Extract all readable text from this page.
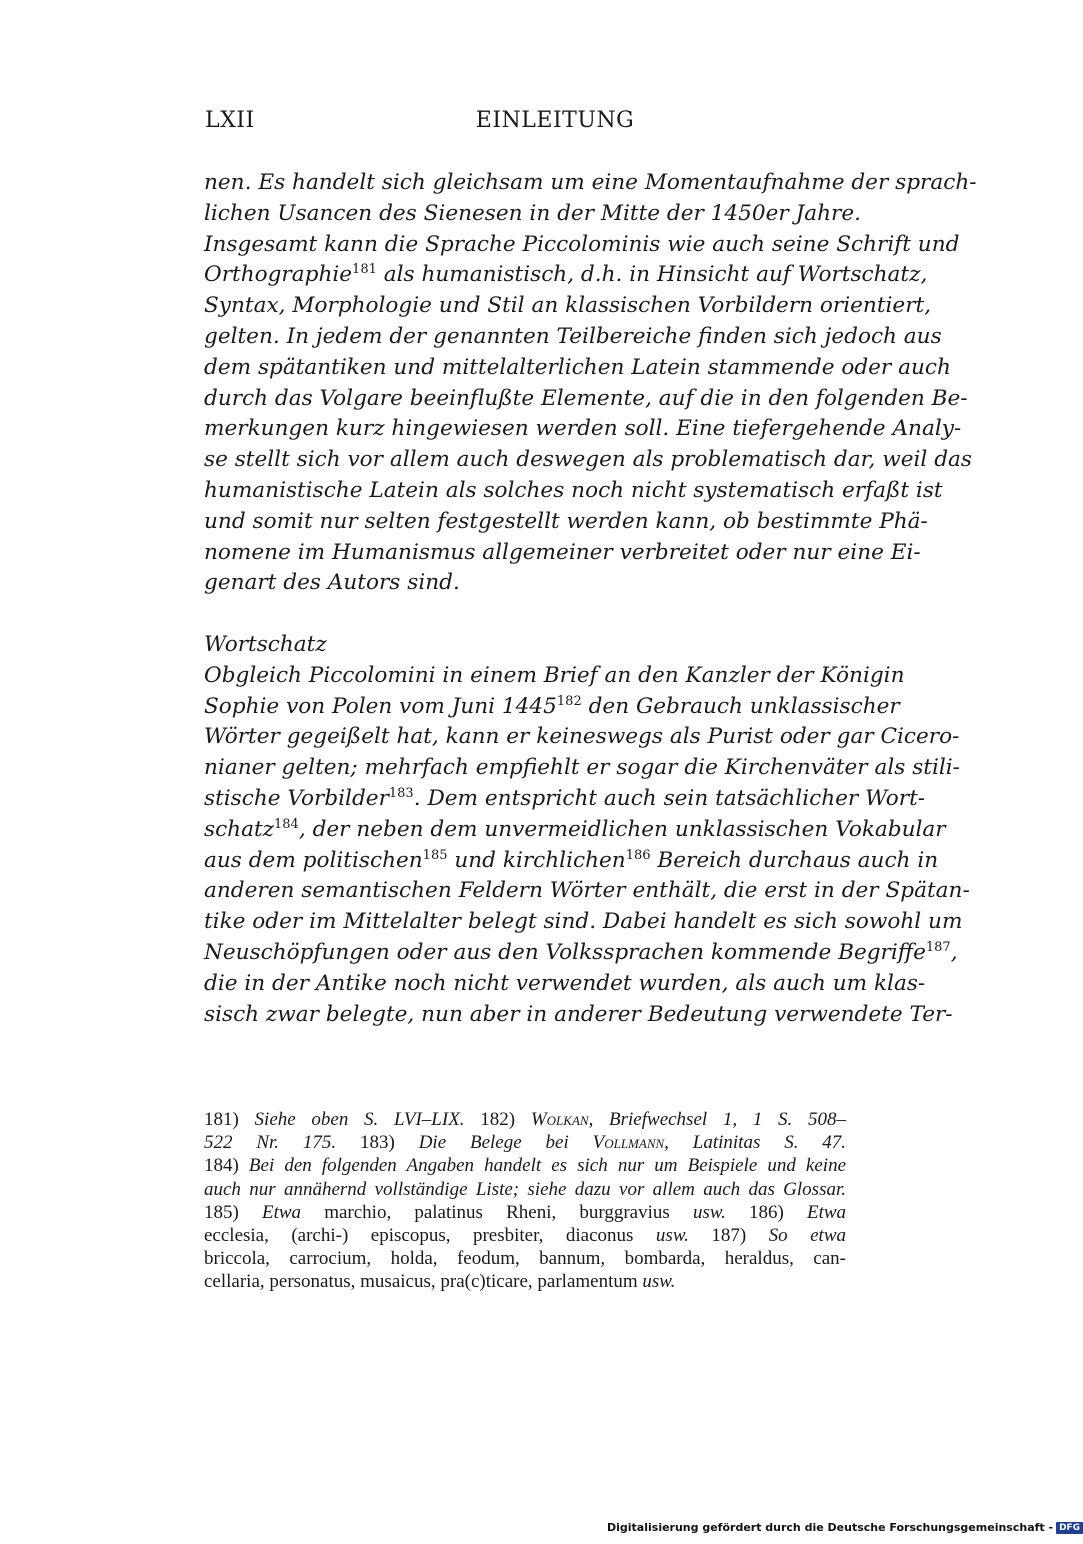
LXII	EINLEITUNG
nen. Es handelt sich gleichsam um eine Momentaufnahme der sprach-
lichen Usancen des Sienesen in der Mitte der 1450er Jahre.
Insgesamt kann die Sprache Piccolominis wie auch seine Schrift und
Orthographie$^{181}$ als humanistisch, d.h. in Hinsicht auf Wortschatz,
Syntax, Morphologie und Stil an klassischen Vorbildern orientiert,
gelten. In jedem der genannten Teilbereiche finden sich jedoch aus
dem spätantiken und mittelalterlichen Latein stammende oder auch
durch das Volgare beeinflußte Elemente, auf die in den folgenden Be-
merkungen kurz hingewiesen werden soll. Eine tiefergehende Analy-
se stellt sich vor allem auch deswegen als problematisch dar, weil das
humanistische Latein als solches noch nicht systematisch erfaßt ist
und somit nur selten festgestellt werden kann, ob bestimmte Phä-
nomene im Humanismus allgemeiner verbreitet oder nur eine Ei-
genart des Autors sind.
Wortschatz
Obgleich Piccolomini in einem Brief an den Kanzler der Königin
Sophie von Polen vom Juni 1445$^{182}$ den Gebrauch unklassischer
Wörter gegeißelt hat, kann er keineswegs als Purist oder gar Cicero-
nianer gelten; mehrfach empfiehlt er sogar die Kirchenväter als stili-
stische Vorbilder$^{183}$. Dem entspricht auch sein tatsächlicher Wort-
schatz$^{184}$, der neben dem unvermeidlichen unklassischen Vokabular
aus dem politischen$^{185}$ und kirchlichen$^{186}$ Bereich durchaus auch in
anderen semantischen Feldern Wörter enthält, die erst in der Spätan-
tike oder im Mittelalter belegt sind. Dabei handelt es sich sowohl um
Neuschöpfungen oder aus den Volkssprachen kommende Begriffe$^{187}$,
die in der Antike noch nicht verwendet wurden, als auch um klas-
sisch zwar belegte, nun aber in anderer Bedeutung verwendete Ter-
181) Siehe oben S. LVI–LIX. 182) Wolkan, Briefwechsel 1, 1 S. 508–
522 Nr. 175. 183) Die Belege bei Vollmann, Latinitas S. 47.
184) Bei den folgenden Angaben handelt es sich nur um Beispiele und keine
auch nur annähernd vollständige Liste; siehe dazu vor allem auch das Glossar.
185) Etwa marchio, palatinus Rheni, burggravius usw. 186) Etwa
ecclesia, (archi-) episcopus, presbiter, diaconus usw. 187) So etwa
briccola, carrocium, holda, feodum, bannum, bombarda, heraldus, can-
cellaria, personatus, musaicus, pra(c)ticare, parlamentum usw.
Digitalisierung gefördert durch die Deutsche Forschungsgemeinschaft - DFG
